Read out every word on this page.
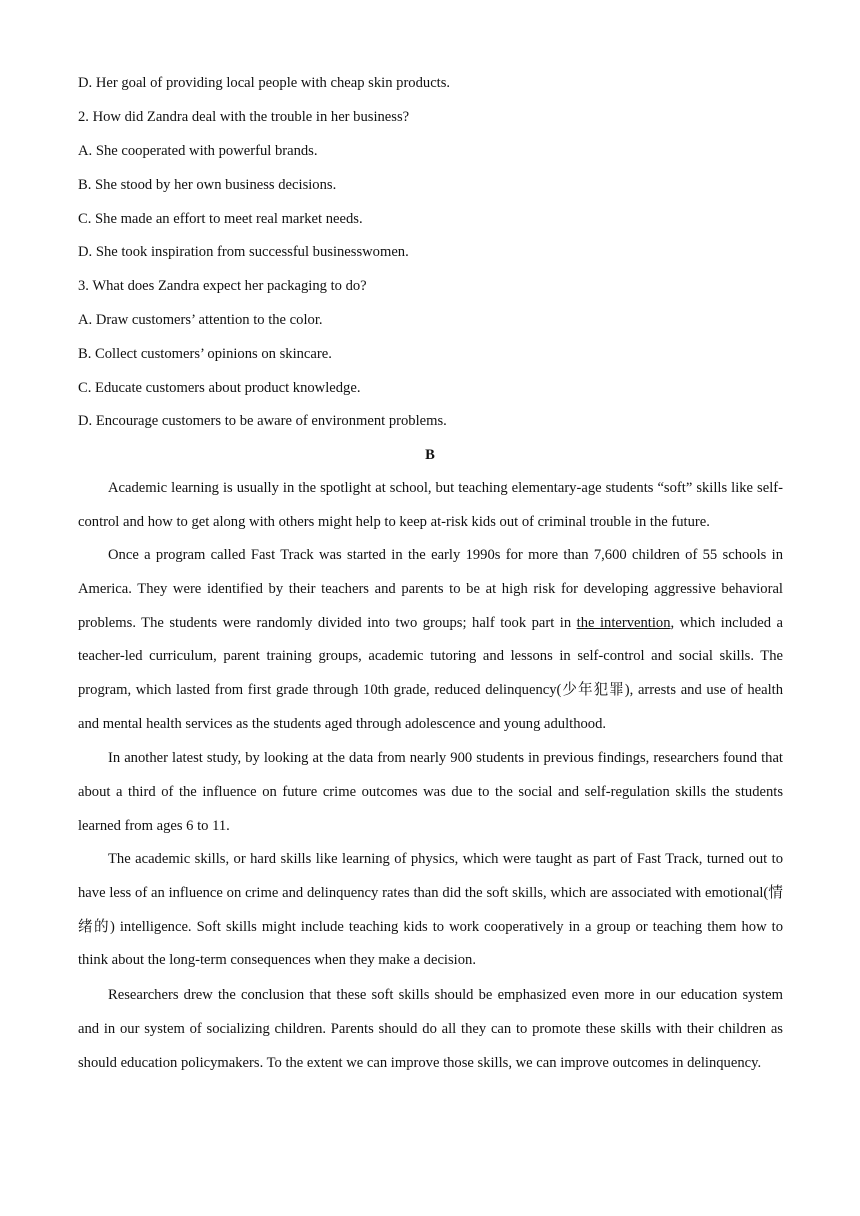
D. Her goal of providing local people with cheap skin products.
2. How did Zandra deal with the trouble in her business?
A. She cooperated with powerful brands.
B. She stood by her own business decisions.
C. She made an effort to meet real market needs.
D. She took inspiration from successful businesswomen.
3. What does Zandra expect her packaging to do?
A. Draw customers’ attention to the color.
B. Collect customers’ opinions on skincare.
C. Educate customers about product knowledge.
D. Encourage customers to be aware of environment problems.
B

Academic learning is usually in the spotlight at school, but teaching elementary-age students “soft” skills like self-control and how to get along with others might help to keep at-risk kids out of criminal trouble in the future.

Once a program called Fast Track was started in the early 1990s for more than 7,600 children of 55 schools in America. They were identified by their teachers and parents to be at high risk for developing aggressive behavioral problems. The students were randomly divided into two groups; half took part in the intervention, which included a teacher-led curriculum, parent training groups, academic tutoring and lessons in self-control and social skills. The program, which lasted from first grade through 10th grade, reduced delinquency(少年犯罪), arrests and use of health and mental health services as the students aged through adolescence and young adulthood.

In another latest study, by looking at the data from nearly 900 students in previous findings, researchers found that about a third of the influence on future crime outcomes was due to the social and self-regulation skills the students learned from ages 6 to 11.

The academic skills, or hard skills like learning of physics, which were taught as part of Fast Track, turned out to have less of an influence on crime and delinquency rates than did the soft skills, which are associated with emotional(情绪的) intelligence. Soft skills might include teaching kids to work cooperatively in a group or teaching them how to think about the long-term consequences when they make a decision.

Researchers drew the conclusion that these soft skills should be emphasized even more in our education system and in our system of socializing children. Parents should do all they can to promote these skills with their children as should education policymakers. To the extent we can improve those skills, we can improve outcomes in delinquency.
